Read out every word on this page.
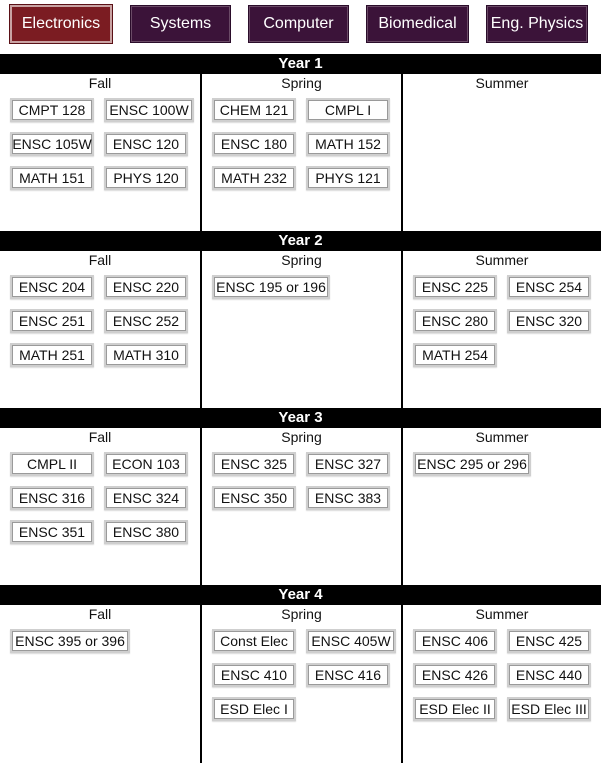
Electronics	Systems	Computer	Biomedical	Eng. Physics
Year 1
Fall
CMPT 128	ENSC 100W
ENSC 105W	ENSC 120
MATH 151	PHYS 120
Spring
CHEM 121	CMPL I
ENSC 180	MATH 152
MATH 232	PHYS 121
Summer
Year 2
Fall
ENSC 204	ENSC 220
ENSC 251	ENSC 252
MATH 251	MATH 310
Spring
ENSC 195 or 196
Summer
ENSC 225	ENSC 254
ENSC 280	ENSC 320
MATH 254
Year 3
Fall
CMPL II	ECON 103
ENSC 316	ENSC 324
ENSC 351	ENSC 380
Spring
ENSC 325	ENSC 327
ENSC 350	ENSC 383
Summer
ENSC 295 or 296
Year 4
Fall
ENSC 395 or 396
Spring
Const Elec	ENSC 405W
ENSC 410	ENSC 416
ESD Elec I
Summer
ENSC 406	ENSC 425
ENSC 426	ENSC 440
ESD Elec II	ESD Elec III
